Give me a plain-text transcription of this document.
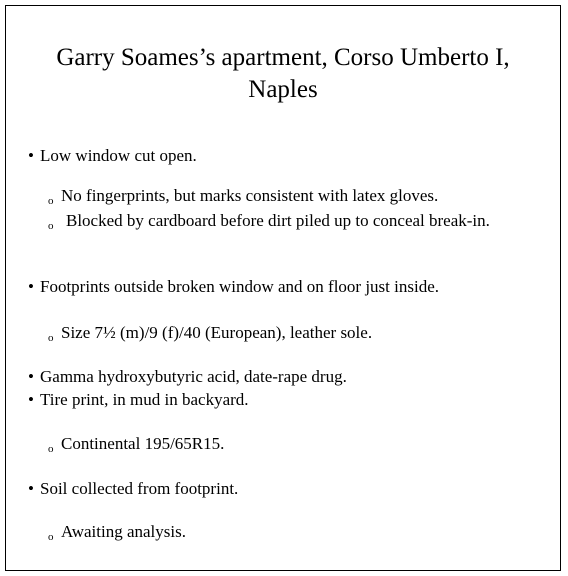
Garry Soames’s apartment, Corso Umberto I, Naples
• Low window cut open.
o No fingerprints, but marks consistent with latex gloves.
o Blocked by cardboard before dirt piled up to conceal break-in.
• Footprints outside broken window and on floor just inside.
o Size 7½ (m)/9 (f)/40 (European), leather sole.
• Gamma hydroxybutyric acid, date-rape drug.
• Tire print, in mud in backyard.
o Continental 195/65R15.
• Soil collected from footprint.
o Awaiting analysis.
